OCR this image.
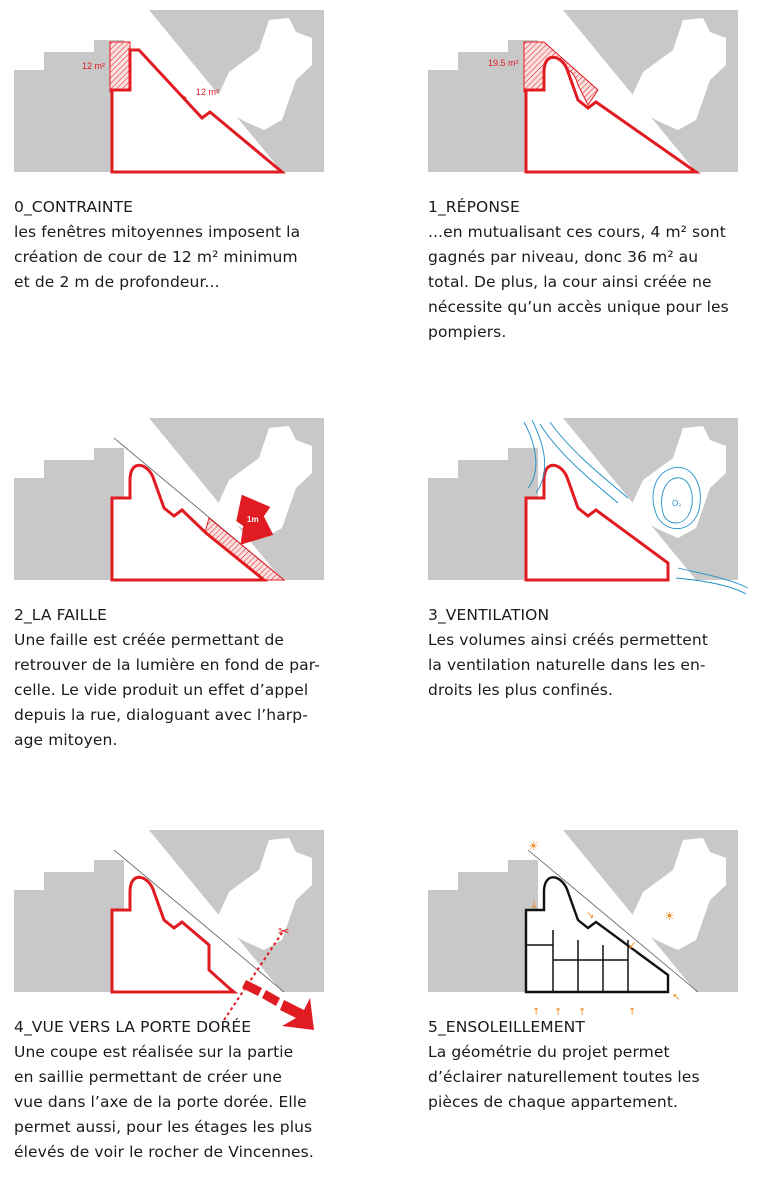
12 m²
12 m²
0_CONTRAINTE
les fenêtres mitoyennes imposent la
création de cour de 12 m² minimum
et de 2 m de profondeur...
19.5 m²
1_RÉPONSE
...en mutualisant ces cours, 4 m² sont
gagnés par niveau, donc 36 m² au
total. De plus, la cour ainsi créée ne
nécessite qu’un accès unique pour les
pompiers.
1m
2_LA FAILLE
Une faille est créée permettant de
retrouver de la lumière en fond de par-
celle. Le vide produit un effet d’appel
depuis la rue, dialoguant avec l’harp-
age mitoyen.
O₂
3_VENTILATION
Les volumes ainsi créés permettent
la ventilation naturelle dans les en-
droits les plus confinés.
✂
4_VUE VERS LA PORTE DORÉE
Une coupe est réalisée sur la partie
en saillie permettant de créer une
vue dans l’axe de la porte dorée. Elle
permet aussi, pour les étages les plus
élevés de voir le rocher de Vincennes.
☀
☀
↓
↘
↙
↑ ↑ ↑	↑
↖
5_ENSOLEILLEMENT
La géométrie du projet permet
d’éclairer naturellement toutes les
pièces de chaque appartement.
